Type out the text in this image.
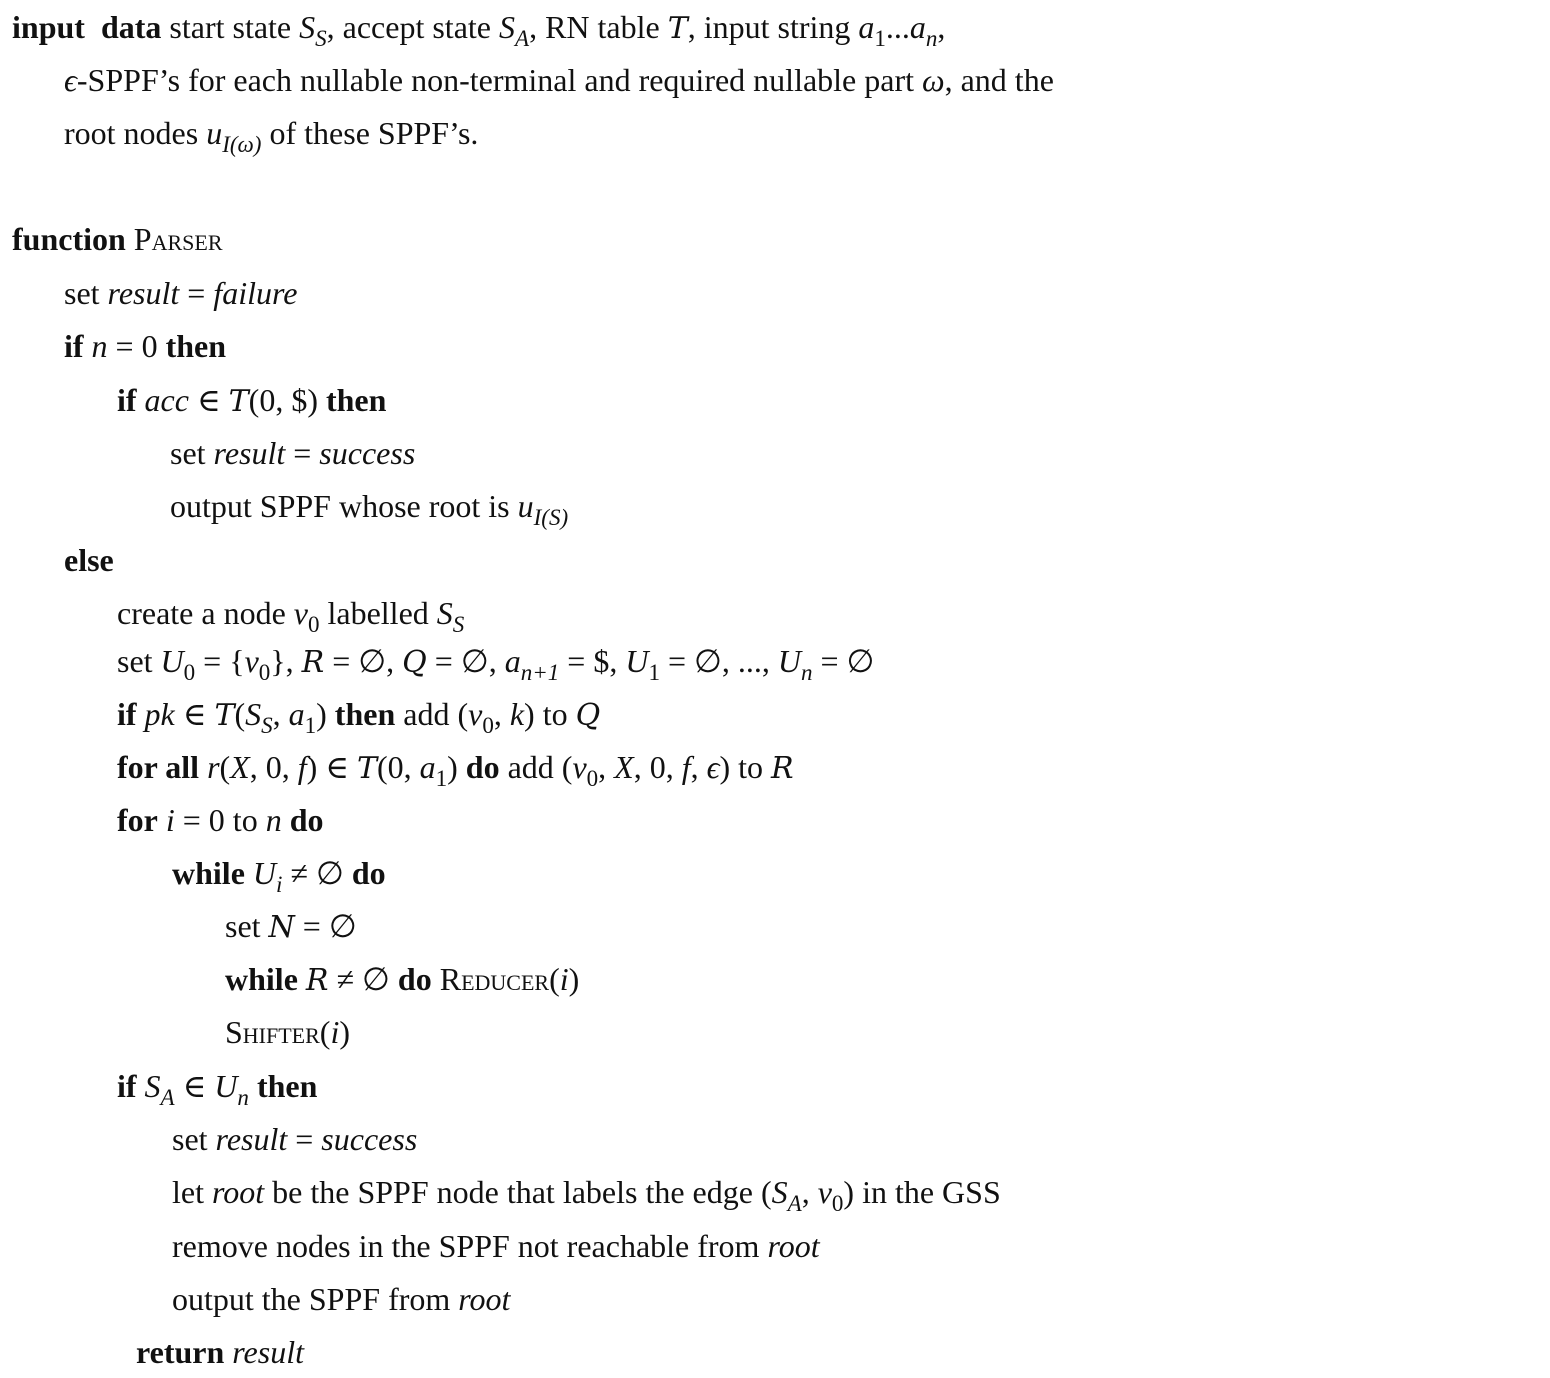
input  data start state $S_S$, accept state $S_A$, RN table T, input string $a_1...a_n$,
ϵ-SPPF’s for each nullable non-terminal and required nullable part ω, and the
root nodes $u_{I(\omega)}$ of these SPPF’s.
function Parser
set result = failure
if n = 0 then
if acc ∈ T(0, $) then
set result = success
output SPPF whose root is $u_{I(S)}$
else
create a node $v_0$ labelled $S_S$
set $U_0 = \{v_0\}$, R = ∅, Q = ∅, $a_{n+1}$ = $, $U_1$ = ∅, ..., $U_n$ = ∅
if pk ∈ $T(S_S$, $a_1$) then add ($v_0$, k) to Q
for all r(X, 0, f) ∈ T(0, $a_1$) do add ($v_0$, X, 0, f, ϵ) to R
for i = 0 to n do
while $U_i$ ≠ ∅ do
set N = ∅
while R ≠ ∅ do Reducer(i)
Shifter(i)
if $S_A$ ∈ $U_n$ then
set result = success
let root be the SPPF node that labels the edge ($S_A$, $v_0$) in the GSS
remove nodes in the SPPF not reachable from root
output the SPPF from root
return result
